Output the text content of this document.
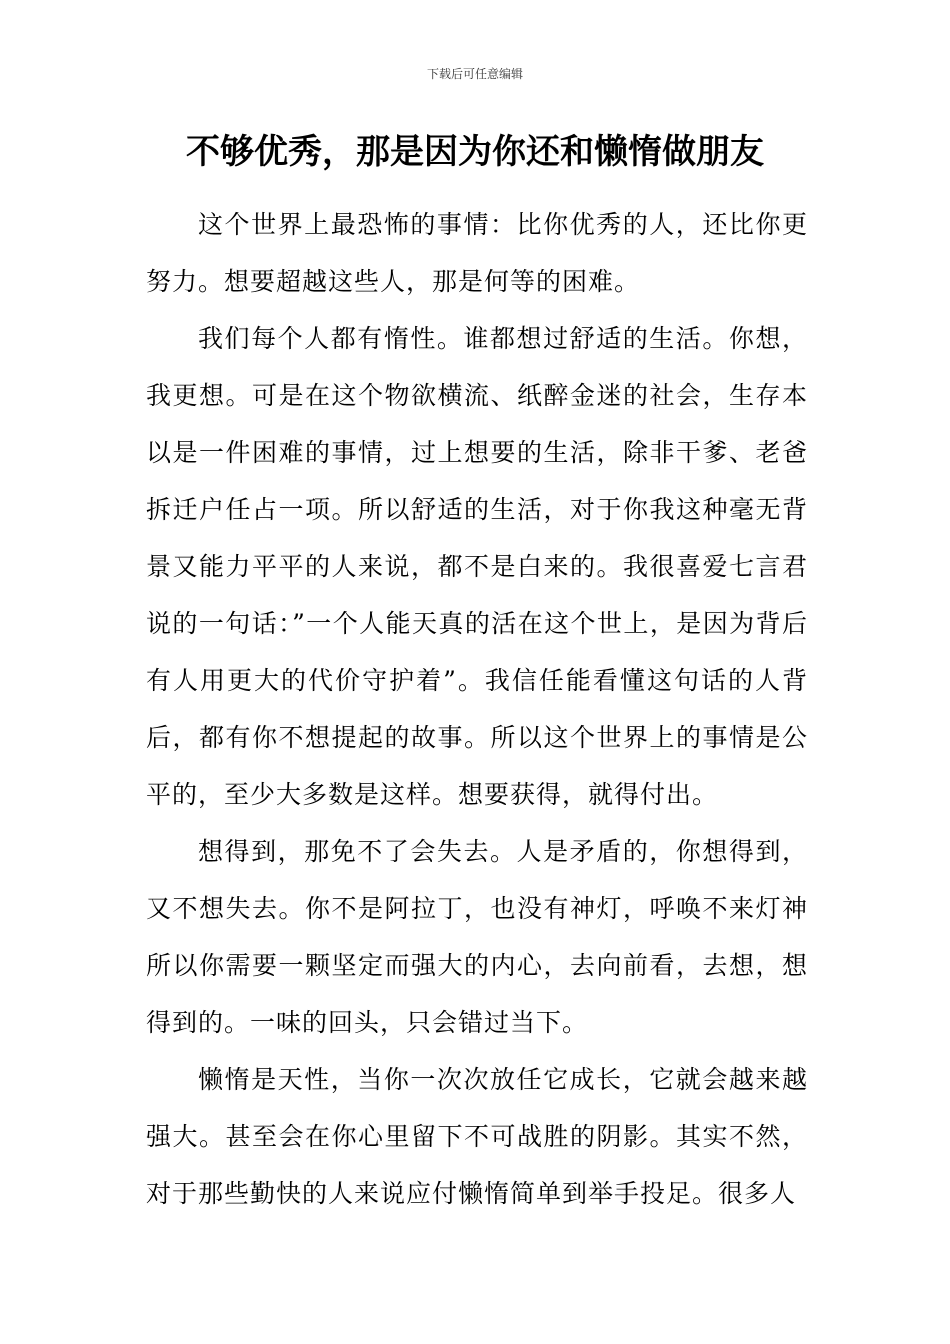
下载后可任意编辑
不够优秀，那是因为你还和懒惰做朋友

这个世界上最恐怖的事情：比你优秀的人，还比你更努力。想要超越这些人，那是何等的困难。

我们每个人都有惰性。谁都想过舒适的生活。你想，我更想。可是在这个物欲横流、纸醉金迷的社会，生存本以是一件困难的事情，过上想要的生活，除非干爹、老爸拆迁户任占一项。所以舒适的生活，对于你我这种毫无背景又能力平平的人来说，都不是白来的。我很喜爱七言君说的一句话：”一个人能天真的活在这个世上，是因为背后有人用更大的代价守护着”。我信任能看懂这句话的人背后，都有你不想提起的故事。所以这个世界上的事情是公平的，至少大多数是这样。想要获得，就得付出。

想得到，那免不了会失去。人是矛盾的，你想得到，又不想失去。你不是阿拉丁，也没有神灯，呼唤不来灯神所以你需要一颗坚定而强大的内心，去向前看，去想，想得到的。一味的回头，只会错过当下。

懒惰是天性，当你一次次放任它成长，它就会越来越强大。甚至会在你心里留下不可战胜的阴影。其实不然，对于那些勤快的人来说应付懒惰简单到举手投足。很多人
